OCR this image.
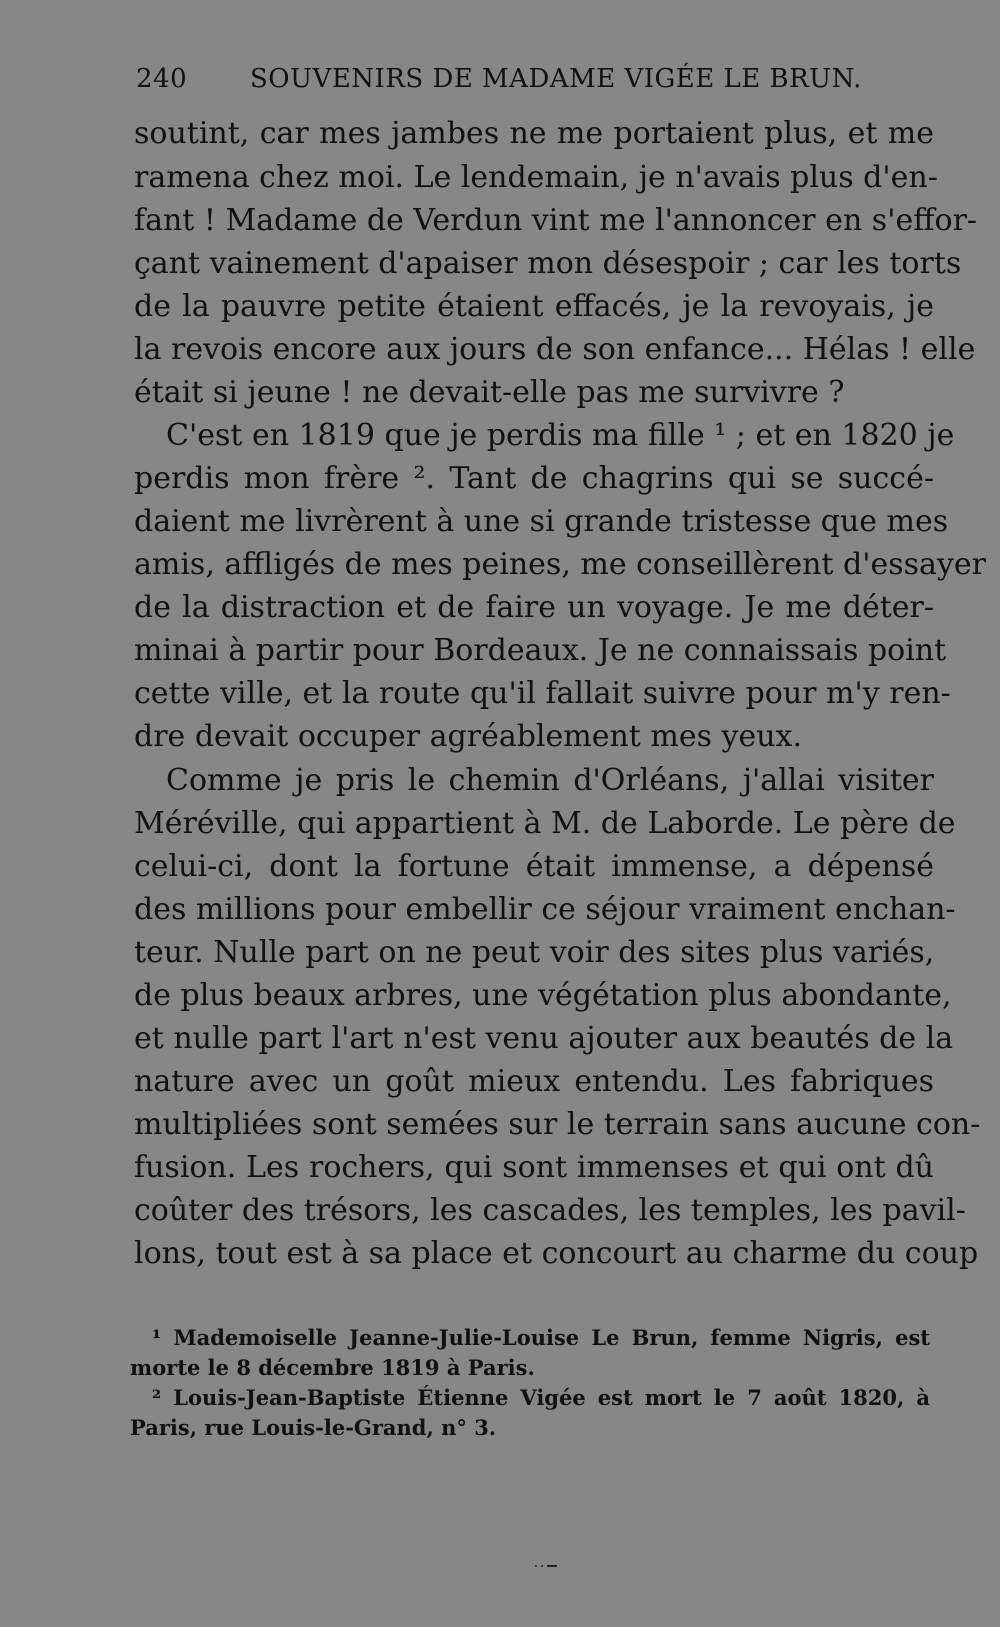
240 SOUVENIRS DE MADAME VIGÉE LE BRUN.
soutint, car mes jambes ne me portaient plus, et me
ramena chez moi. Le lendemain, je n'avais plus d'en-
fant ! Madame de Verdun vint me l'annoncer en s'effor-
çant vainement d'apaiser mon désespoir ; car les torts
de la pauvre petite étaient effacés, je la revoyais, je
la revois encore aux jours de son enfance... Hélas ! elle
était si jeune ! ne devait-elle pas me survivre ?
C'est en 1819 que je perdis ma fille ¹ ; et en 1820 je
perdis mon frère ². Tant de chagrins qui se succé-
daient me livrèrent à une si grande tristesse que mes
amis, affligés de mes peines, me conseillèrent d'essayer
de la distraction et de faire un voyage. Je me déter-
minai à partir pour Bordeaux. Je ne connaissais point
cette ville, et la route qu'il fallait suivre pour m'y ren-
dre devait occuper agréablement mes yeux.
Comme je pris le chemin d'Orléans, j'allai visiter
Méréville, qui appartient à M. de Laborde. Le père de
celui-ci, dont la fortune était immense, a dépensé
des millions pour embellir ce séjour vraiment enchan-
teur. Nulle part on ne peut voir des sites plus variés,
de plus beaux arbres, une végétation plus abondante,
et nulle part l'art n'est venu ajouter aux beautés de la
nature avec un goût mieux entendu. Les fabriques
multipliées sont semées sur le terrain sans aucune con-
fusion. Les rochers, qui sont immenses et qui ont dû
coûter des trésors, les cascades, les temples, les pavil-
lons, tout est à sa place et concourt au charme du coup
¹ Mademoiselle Jeanne-Julie-Louise Le Brun, femme Nigris, est
morte le 8 décembre 1819 à Paris.
² Louis-Jean-Baptiste Étienne Vigée est mort le 7 août 1820, à
Paris, rue Louis-le-Grand, n° 3.
